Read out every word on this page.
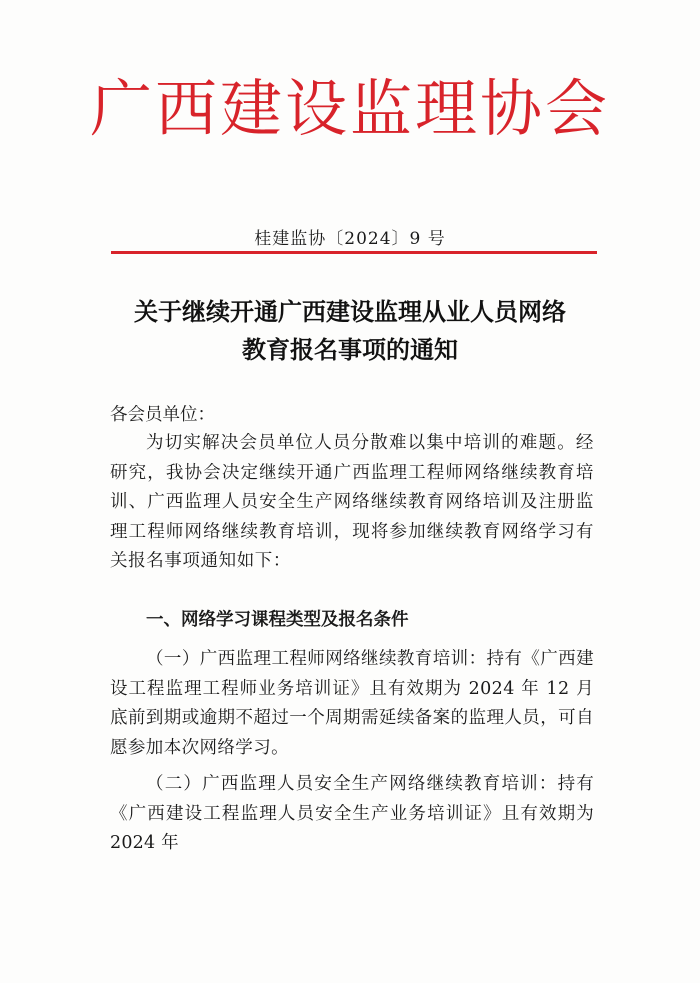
广西建设监理协会
桂建监协〔2024〕9 号
关于继续开通广西建设监理从业人员网络
教育报名事项的通知
各会员单位：
为切实解决会员单位人员分散难以集中培训的难题。经研究，我协会决定继续开通广西监理工程师网络继续教育培训、广西监理人员安全生产网络继续教育网络培训及注册监理工程师网络继续教育培训，现将参加继续教育网络学习有关报名事项通知如下：
一、网络学习课程类型及报名条件
（一）广西监理工程师网络继续教育培训：持有《广西建设工程监理工程师业务培训证》且有效期为 2024 年 12 月底前到期或逾期不超过一个周期需延续备案的监理人员，可自愿参加本次网络学习。
（二）广西监理人员安全生产网络继续教育培训：持有《广西建设工程监理人员安全生产业务培训证》且有效期为 2024 年
